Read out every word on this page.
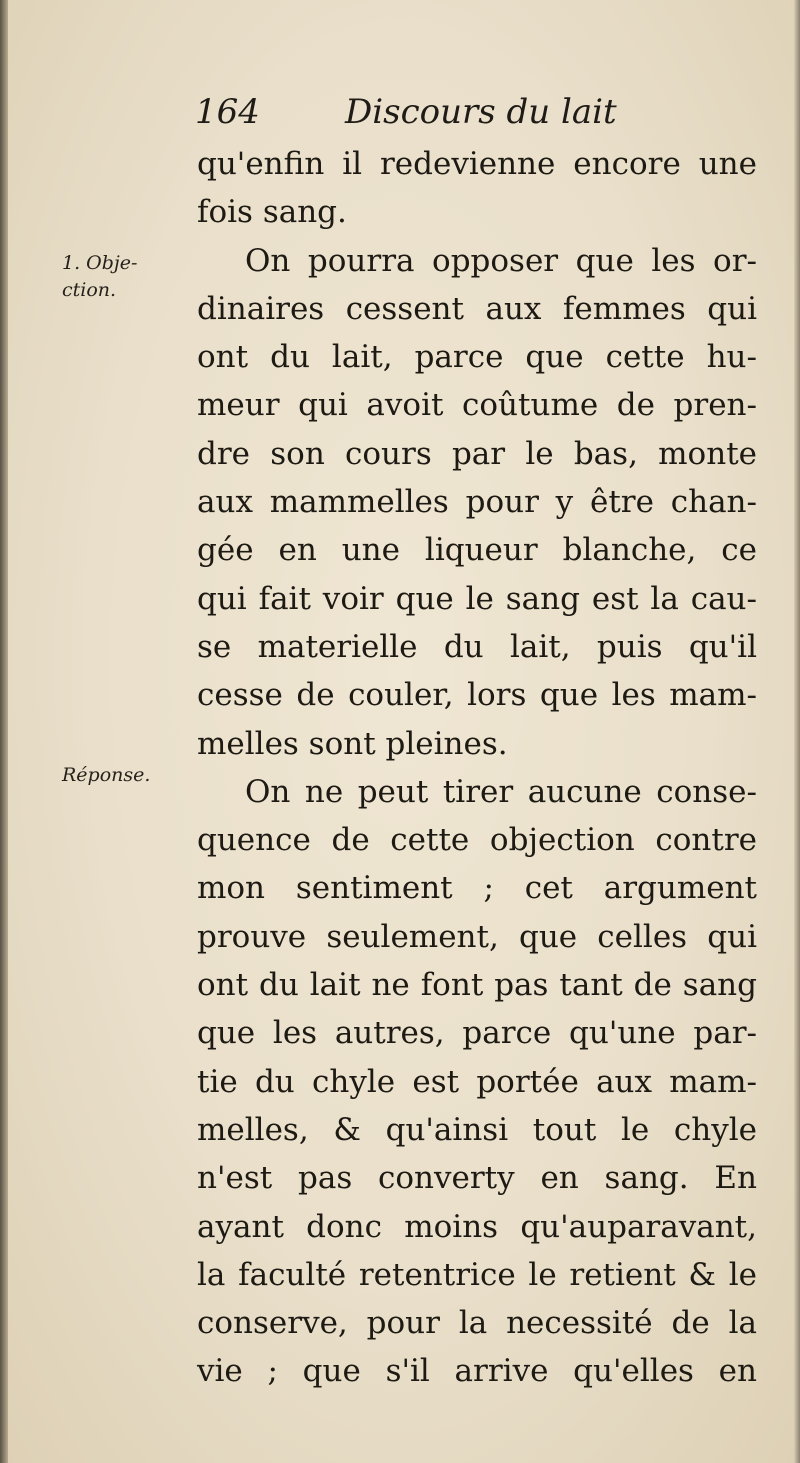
164	Discours du lait
1. Obje-
ction.
Réponse.
qu'enfin il redevienne encore une
fois sang.
On pourra opposer que les or-
dinaires cessent aux femmes qui
ont du lait, parce que cette hu-
meur qui avoit coûtume de pren-
dre son cours par le bas, monte
aux mammelles pour y être chan-
gée en une liqueur blanche, ce
qui fait voir que le sang est la cau-
se materielle du lait, puis qu'il
cesse de couler, lors que les mam-
melles sont pleines.
On ne peut tirer aucune conse-
quence de cette objection contre
mon sentiment ; cet argument
prouve seulement, que celles qui
ont du lait ne font pas tant de sang
que les autres, parce qu'une par-
tie du chyle est portée aux mam-
melles, & qu'ainsi tout le chyle
n'est pas converty en sang. En
ayant donc moins qu'auparavant,
la faculté retentrice le retient & le
conserve, pour la necessité de la
vie ; que s'il arrive qu'elles en
